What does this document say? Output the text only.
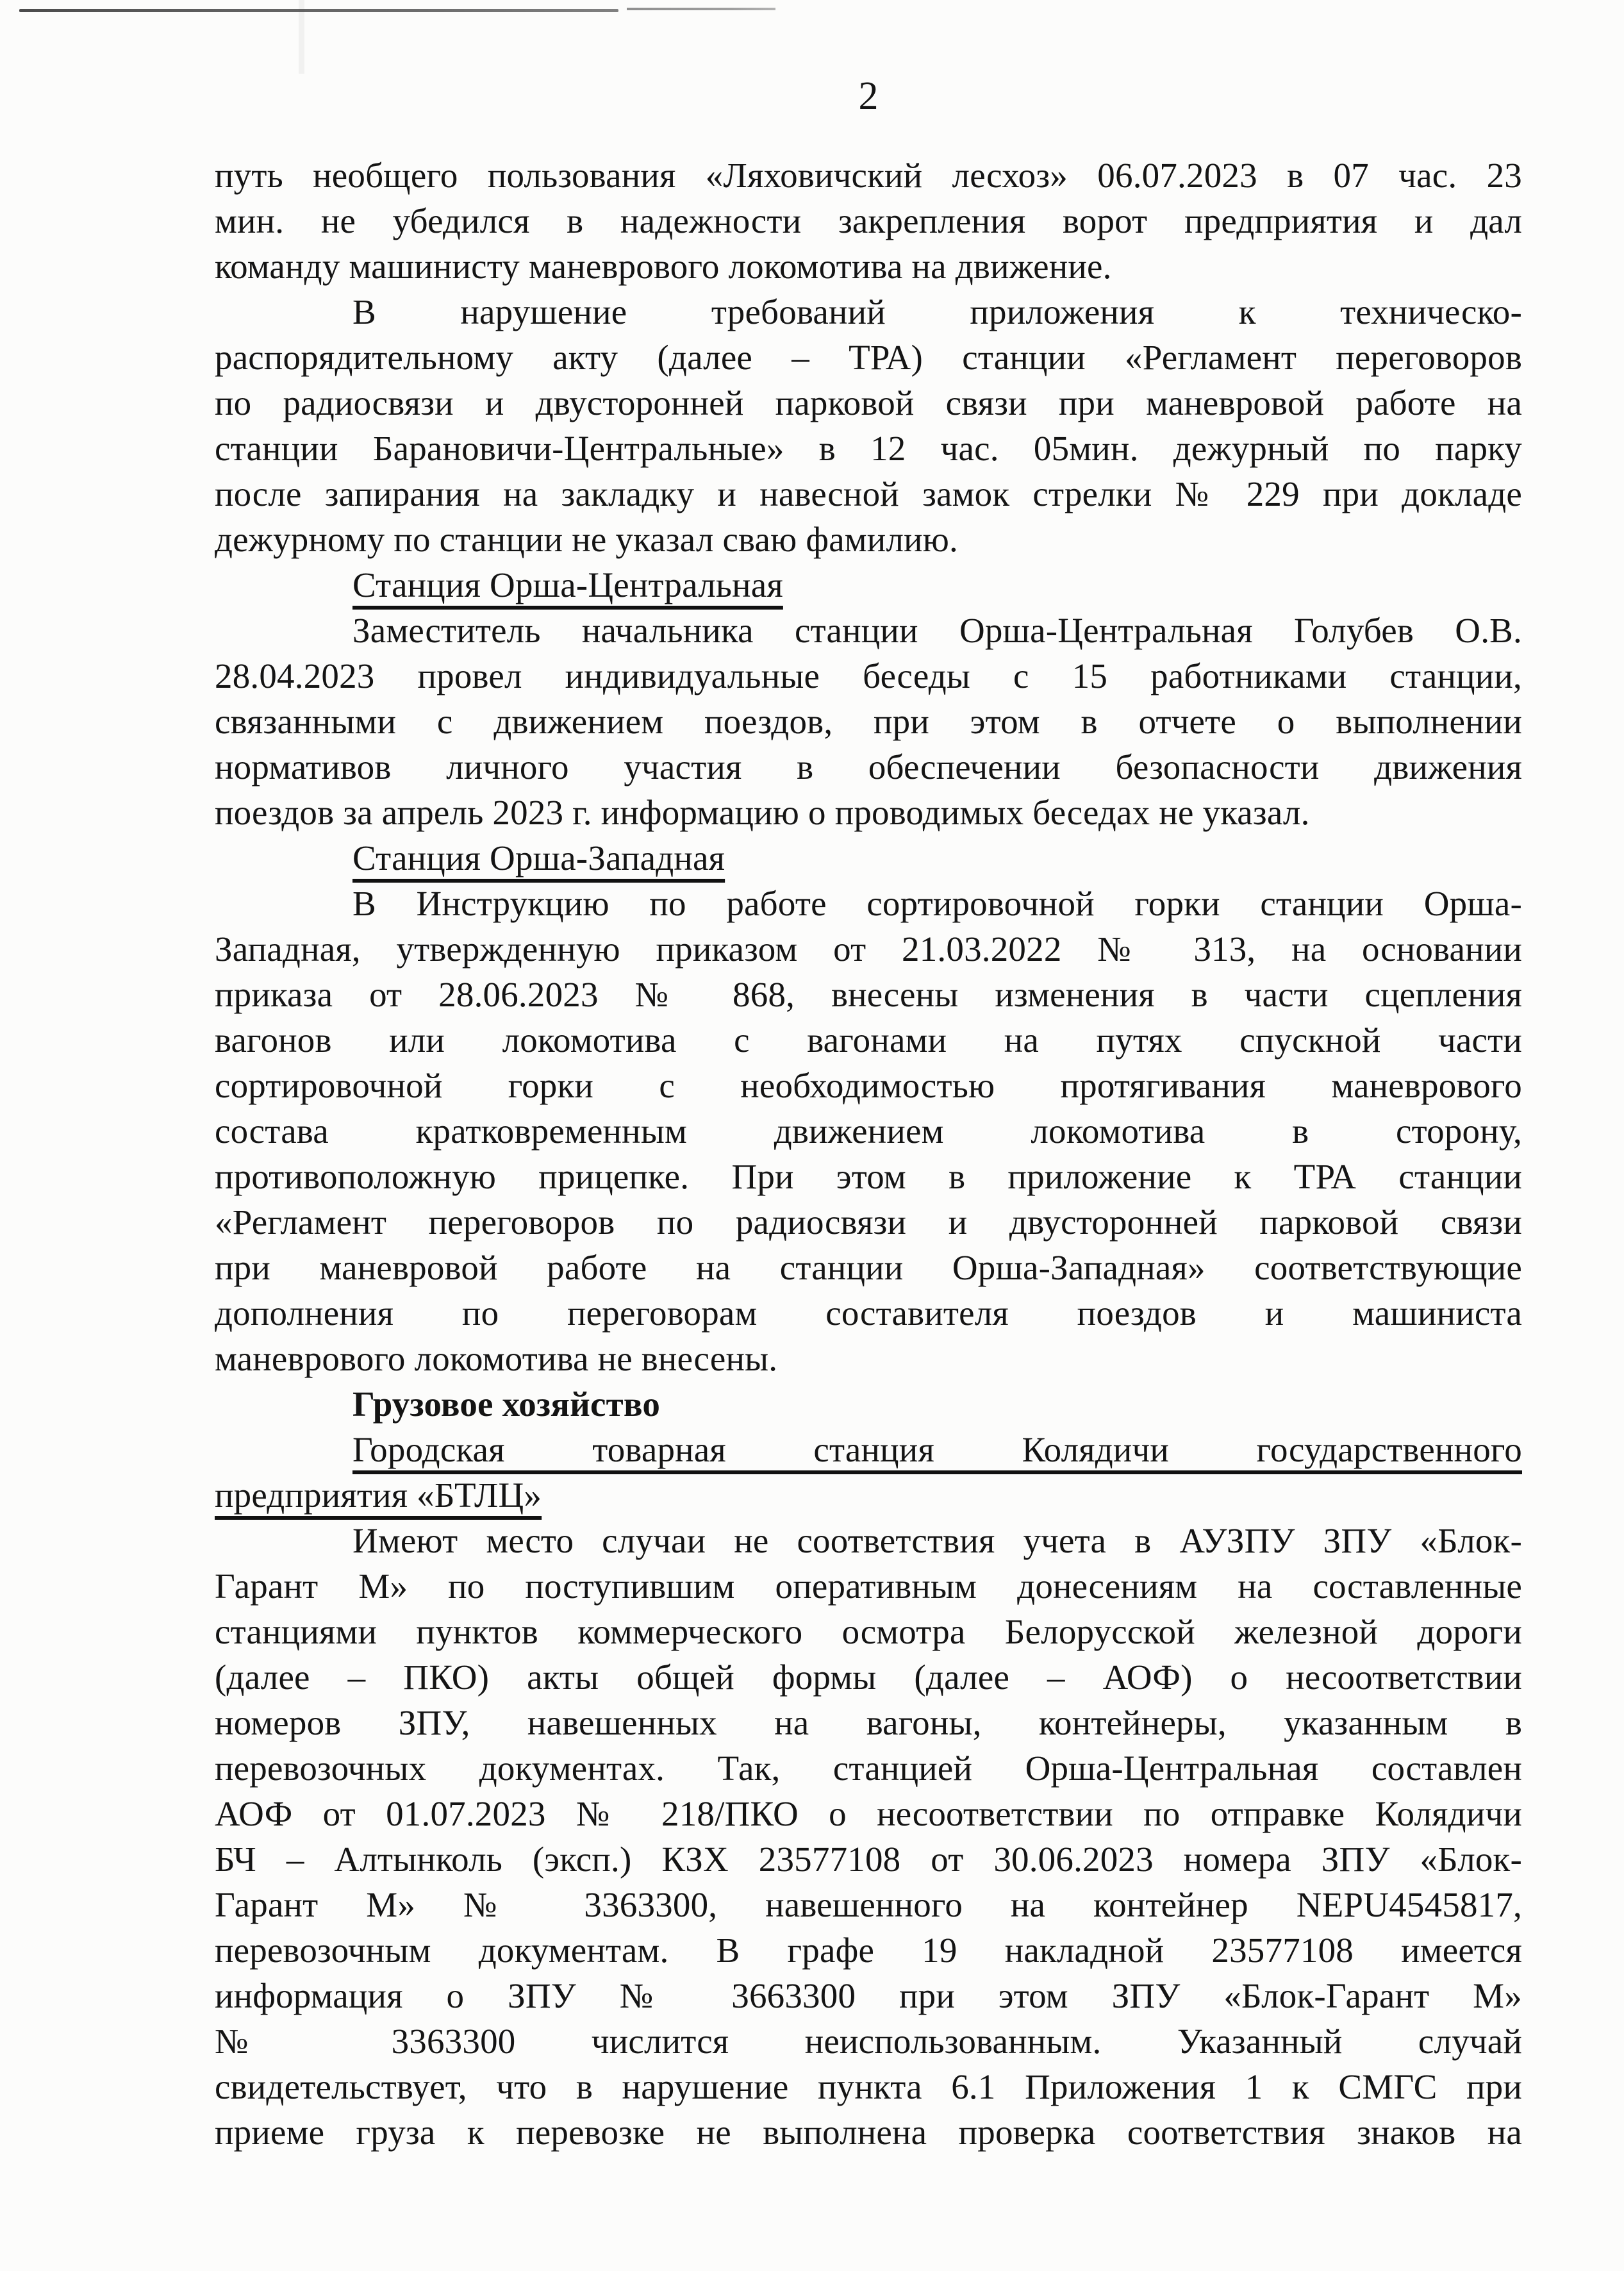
2
путь необщего пользования «Ляховичский лесхоз» 06.07.2023 в 07 час. 23
мин. не убедился в надежности закрепления ворот предприятия и дал
команду машинисту маневрового локомотива на движение.
В нарушение требований приложения к техническо-
распорядительному акту (далее – ТРА) станции «Регламент переговоров
по радиосвязи и двусторонней парковой связи при маневровой работе на
станции Барановичи-Центральные» в 12 час. 05мин. дежурный по парку
после запирания на закладку и навесной замок стрелки № 229 при докладе
дежурному по станции не указал сваю фамилию.
Станция Орша-Центральная
Заместитель начальника станции Орша-Центральная Голубев О.В.
28.04.2023 провел индивидуальные беседы с 15 работниками станции,
связанными с движением поездов, при этом в отчете о выполнении
нормативов личного участия в обеспечении безопасности движения
поездов за апрель 2023 г. информацию о проводимых беседах не указал.
Станция Орша-Западная
В Инструкцию по работе сортировочной горки станции Орша-
Западная, утвержденную приказом от 21.03.2022 № 313, на основании
приказа от 28.06.2023 № 868, внесены изменения в части сцепления
вагонов или локомотива с вагонами на путях спускной части
сортировочной горки с необходимостью протягивания маневрового
состава кратковременным движением локомотива в сторону,
противоположную прицепке. При этом в приложение к ТРА станции
«Регламент переговоров по радиосвязи и двусторонней парковой связи
при маневровой работе на станции Орша-Западная» соответствующие
дополнения по переговорам составителя поездов и машиниста
маневрового локомотива не внесены.
Грузовое хозяйство
Городская товарная станция Колядичи государственного
предприятия «БТЛЦ»
Имеют место случаи не соответствия учета в АУЗПУ ЗПУ «Блок-
Гарант М» по поступившим оперативным донесениям на составленные
станциями пунктов коммерческого осмотра Белорусской железной дороги
(далее – ПКО) акты общей формы (далее – АОФ) о несоответствии
номеров ЗПУ, навешенных на вагоны, контейнеры, указанным в
перевозочных документах. Так, станцией Орша-Центральная составлен
АОФ от 01.07.2023 № 218/ПКО о несоответствии по отправке Колядичи
БЧ – Алтынколь (эксп.) КЗХ 23577108 от 30.06.2023 номера ЗПУ «Блок-
Гарант М» № 3363300, навешенного на контейнер NEPU4545817,
перевозочным документам. В графе 19 накладной 23577108 имеется
информация о ЗПУ № 3663300 при этом ЗПУ «Блок-Гарант М»
№ 3363300 числится неиспользованным. Указанный случай
свидетельствует, что в нарушение пункта 6.1 Приложения 1 к СМГС при
приеме груза к перевозке не выполнена проверка соответствия знаков на
